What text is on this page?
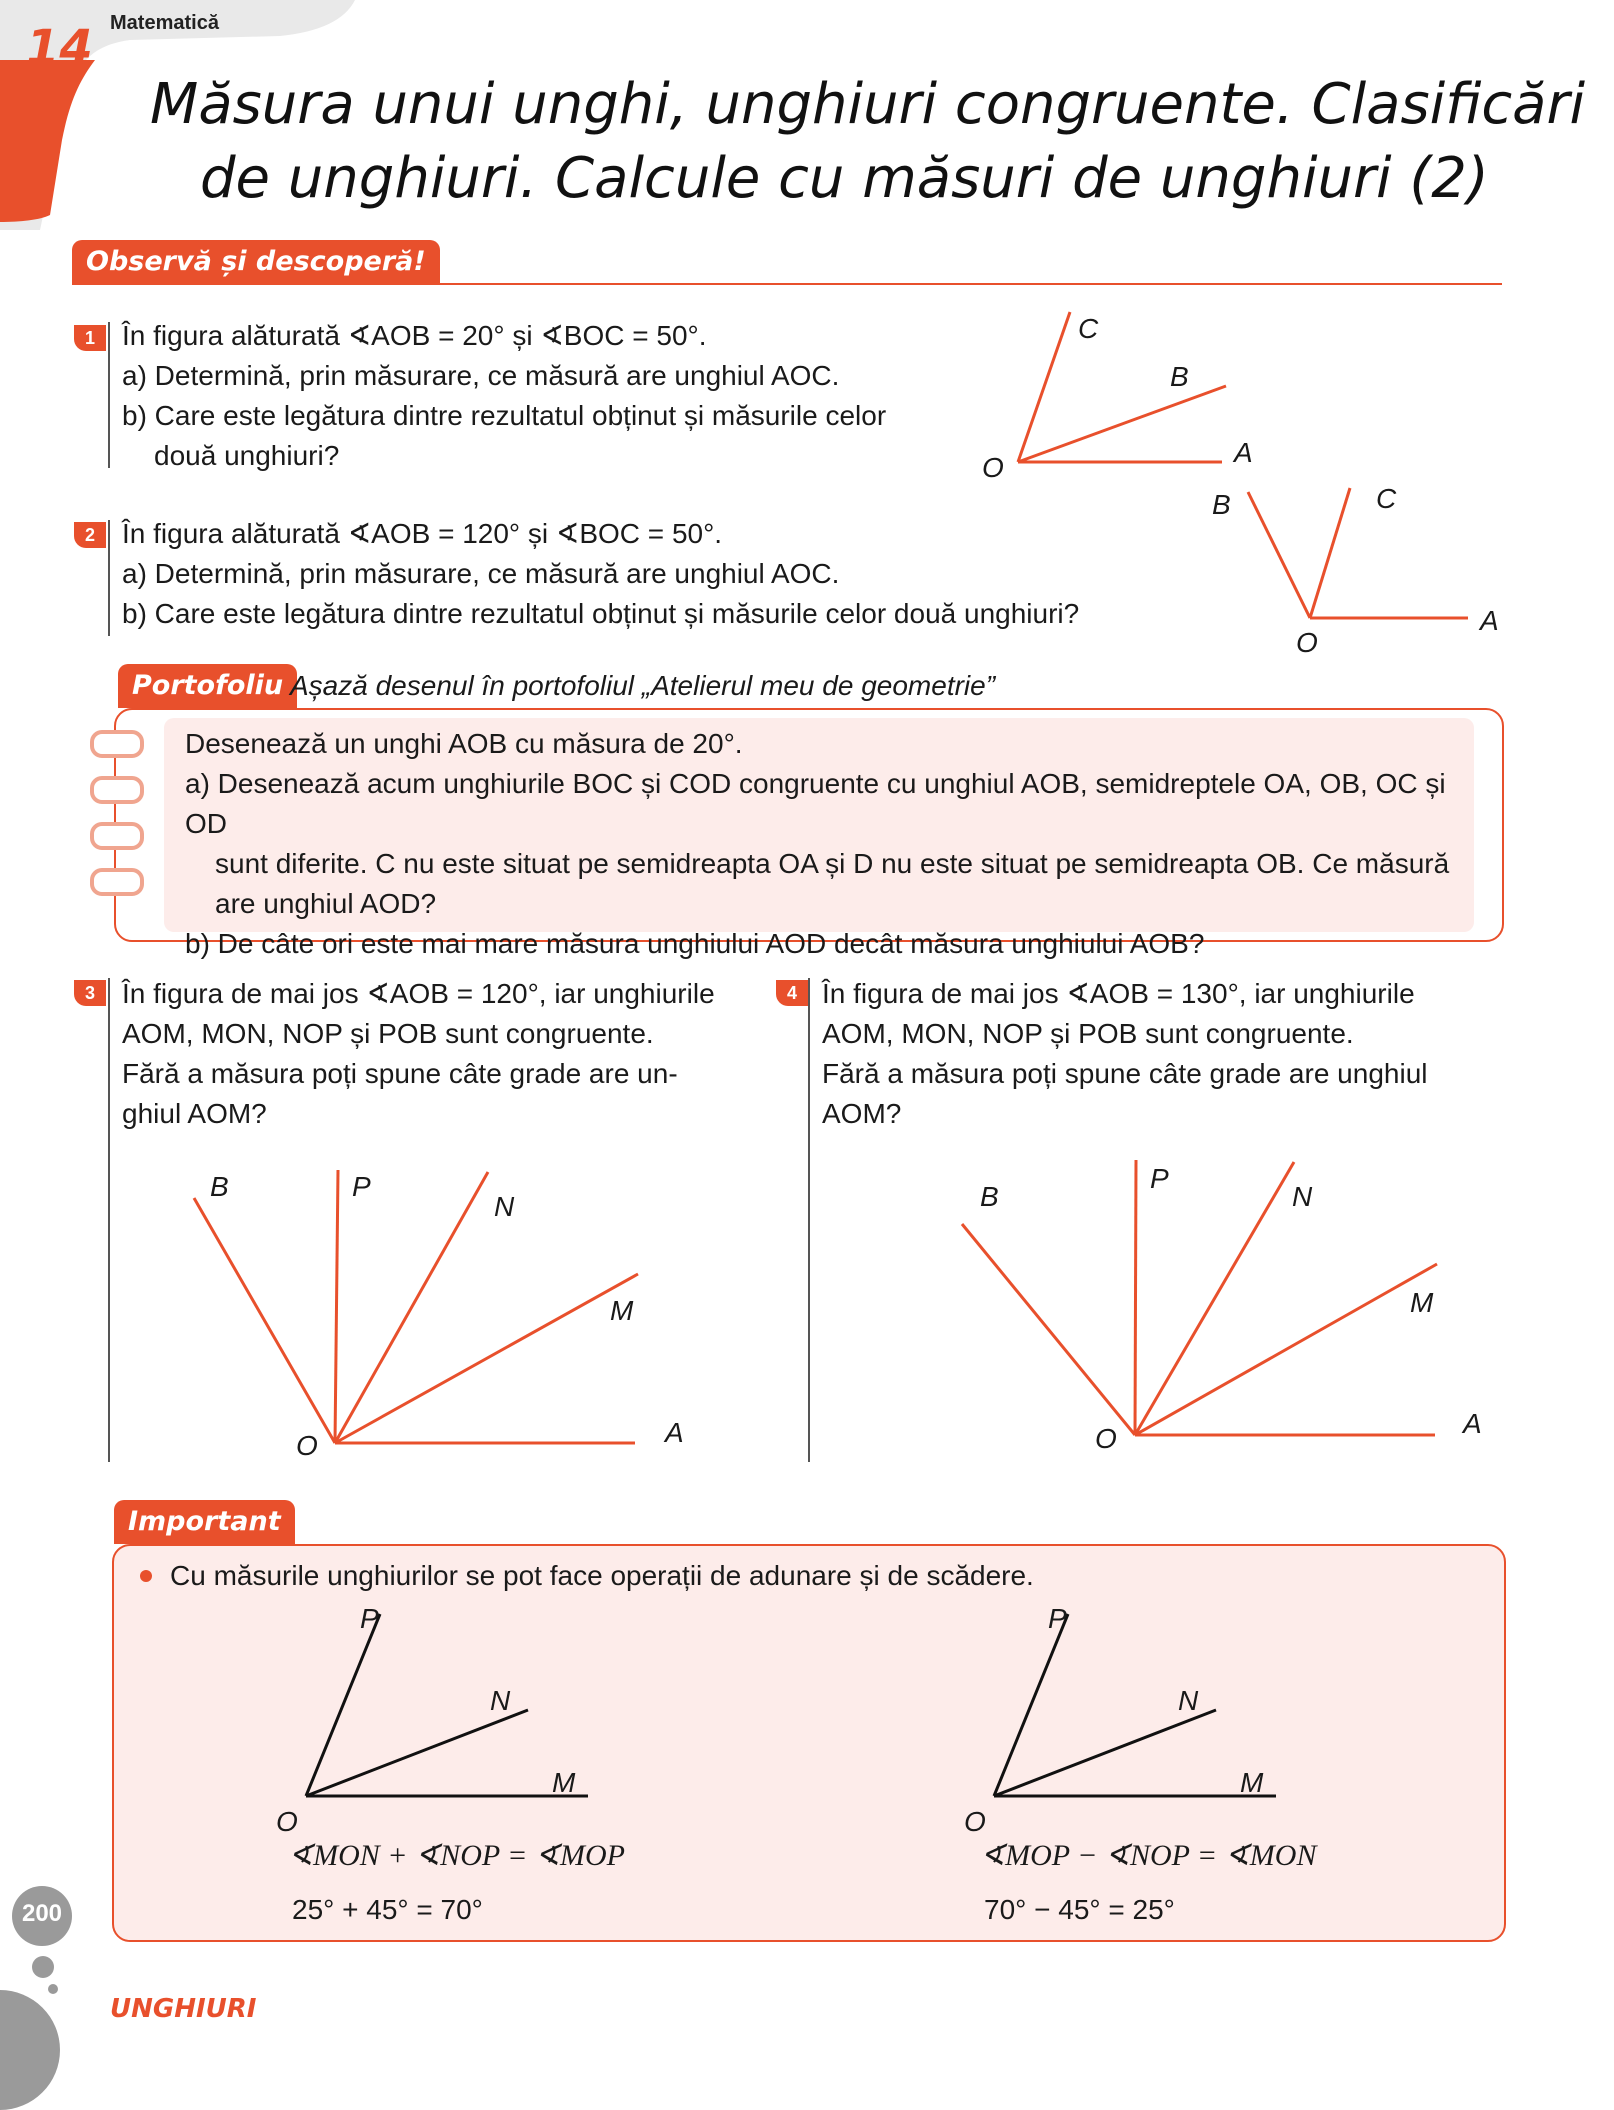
14 Matematică
Măsura unui unghi, unghiuri congruente. Clasificări
de unghiuri. Calcule cu măsuri de unghiuri (2)
Observă și descoperă!
1 În figura alăturată ∢AOB = 20° și ∢BOC = 50°.
a) Determină, prin măsurare, ce măsură are unghiul AOC.
b) Care este legătura dintre rezultatul obținut și măsurile celor
două unghiuri?	O	A
B
C
2 În figura alăturată ∢AOB = 120° și ∢BOC = 50°.
a) Determină, prin măsurare, ce măsură are unghiul AOC.
b) Care este legătura dintre rezultatul obținut și măsurile celor două unghiuri?
O
A
B	C
Portofoliu Așază desenul în portofoliul „Atelierul meu de geometrie”
Desenează un unghi AOB cu măsura de 20°.
a) Desenează acum unghiurile BOC și COD congruente cu unghiul AOB, semidreptele OA, OB, OC și OD
sunt diferite. C nu este situat pe semidreapta OA și D nu este situat pe semidreapta OB. Ce măsură
are unghiul AOD?
b) De câte ori este mai mare măsura unghiului AOD decât măsura unghiului AOB?
3 În figura de mai jos ∢AOB = 120°, iar unghiurile
AOM, MON, NOP și POB sunt congruente.
Fără a măsura poți spune câte grade are un-
ghiul AOM?
O	A
M
N
P
B
4 În figura de mai jos ∢AOB = 130°, iar unghiurile
AOM, MON, NOP și POB sunt congruente.
Fără a măsura poți spune câte grade are unghiul
AOM?
O	A
M
N
P
B
Important
Cu măsurile unghiurilor se pot face operații de adunare și de scădere.
M
N
P
O
M
N
P
O
∢MON + ∢NOP = ∢MOP
25° + 45° = 70°
∢MOP − ∢NOP = ∢MON
70° − 45° = 25°
200
UNGHIURI
